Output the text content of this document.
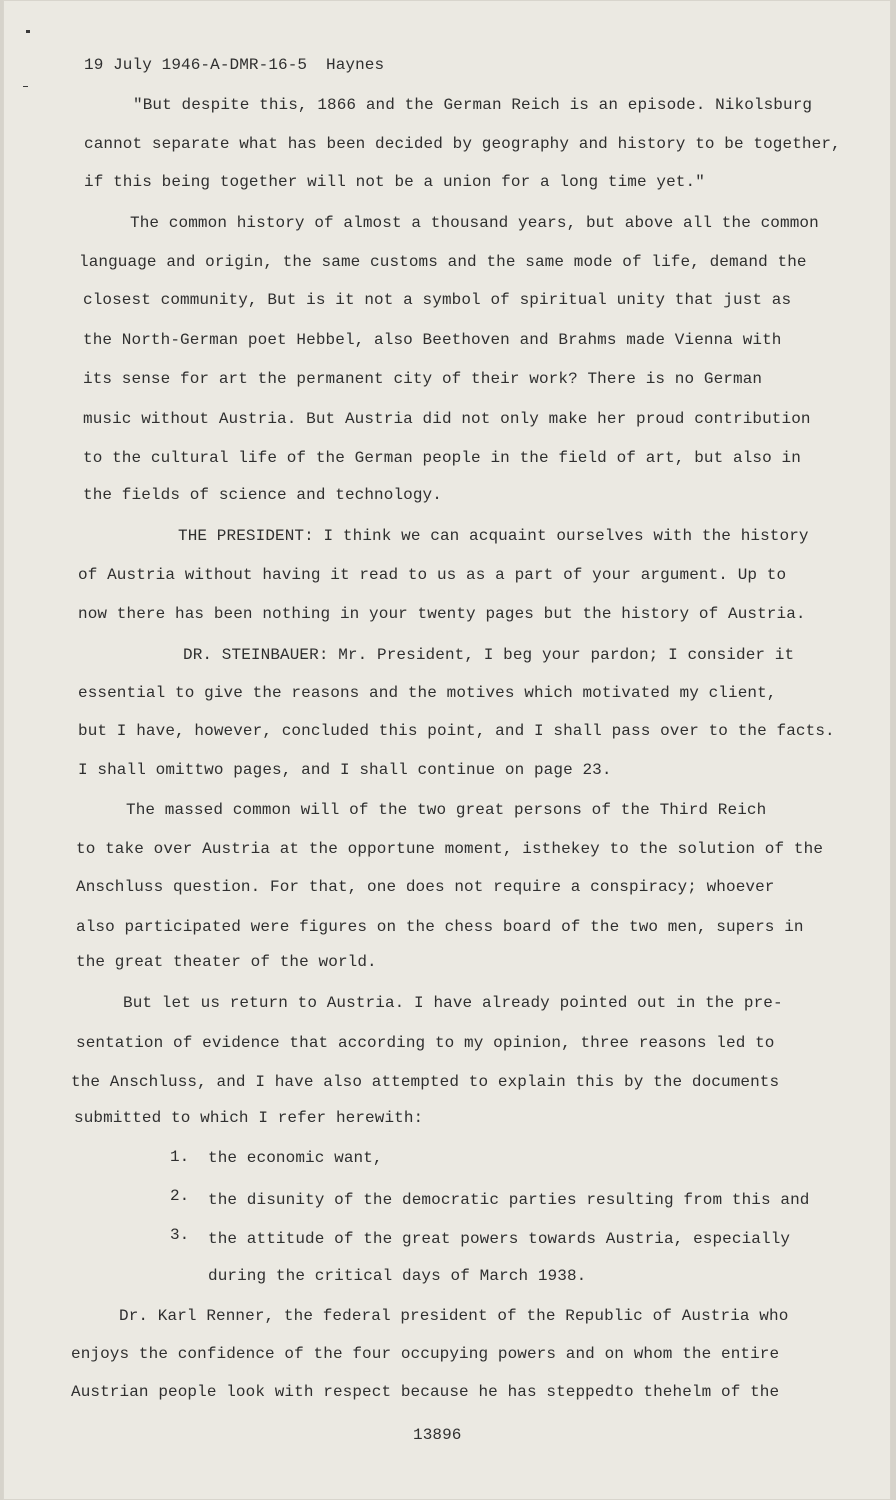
19 July 1946-A-DMR-16-5 Haynes
"But despite this, 1866 and the German Reich is an episode. Nikolsburg
cannot separate what has been decided by geography and history to be together,
if this being together will not be a union for a long time yet."
The common history of almost a thousand years, but above all the common
language and origin, the same customs and the same mode of life, demand the
closest community, But is it not a symbol of spiritual unity that just as
the North-German poet Hebbel, also Beethoven and Brahms made Vienna with
its sense for art the permanent city of their work? There is no German
music without Austria. But Austria did not only make her proud contribution
to the cultural life of the German people in the field of art, but also in
the fields of science and technology.
THE PRESIDENT: I think we can acquaint ourselves with the history
of Austria without having it read to us as a part of your argument. Up to
now there has been nothing in your twenty pages but the history of Austria.
DR. STEINBAUER: Mr. President, I beg your pardon; I consider it
essential to give the reasons and the motives which motivated my client,
but I have, however, concluded this point, and I shall pass over to the facts.
I shall omittwo pages, and I shall continue on page 23.
The massed common will of the two great persons of the Third Reich
to take over Austria at the opportune moment, isthekey to the solution of the
Anschluss question. For that, one does not require a conspiracy; whoever
also participated were figures on the chess board of the two men, supers in
the great theater of the world.
But let us return to Austria. I have already pointed out in the pre-
sentation of evidence that according to my opinion, three reasons led to
the Anschluss, and I have also attempted to explain this by the documents
submitted to which I refer herewith:
1. the economic want,
2. the disunity of the democratic parties resulting from this and
3. the attitude of the great powers towards Austria, especially
during the critical days of March 1938.
Dr. Karl Renner, the federal president of the Republic of Austria who
enjoys the confidence of the four occupying powers and on whom the entire
Austrian people look with respect because he has steppedto thehelm of the
13896
